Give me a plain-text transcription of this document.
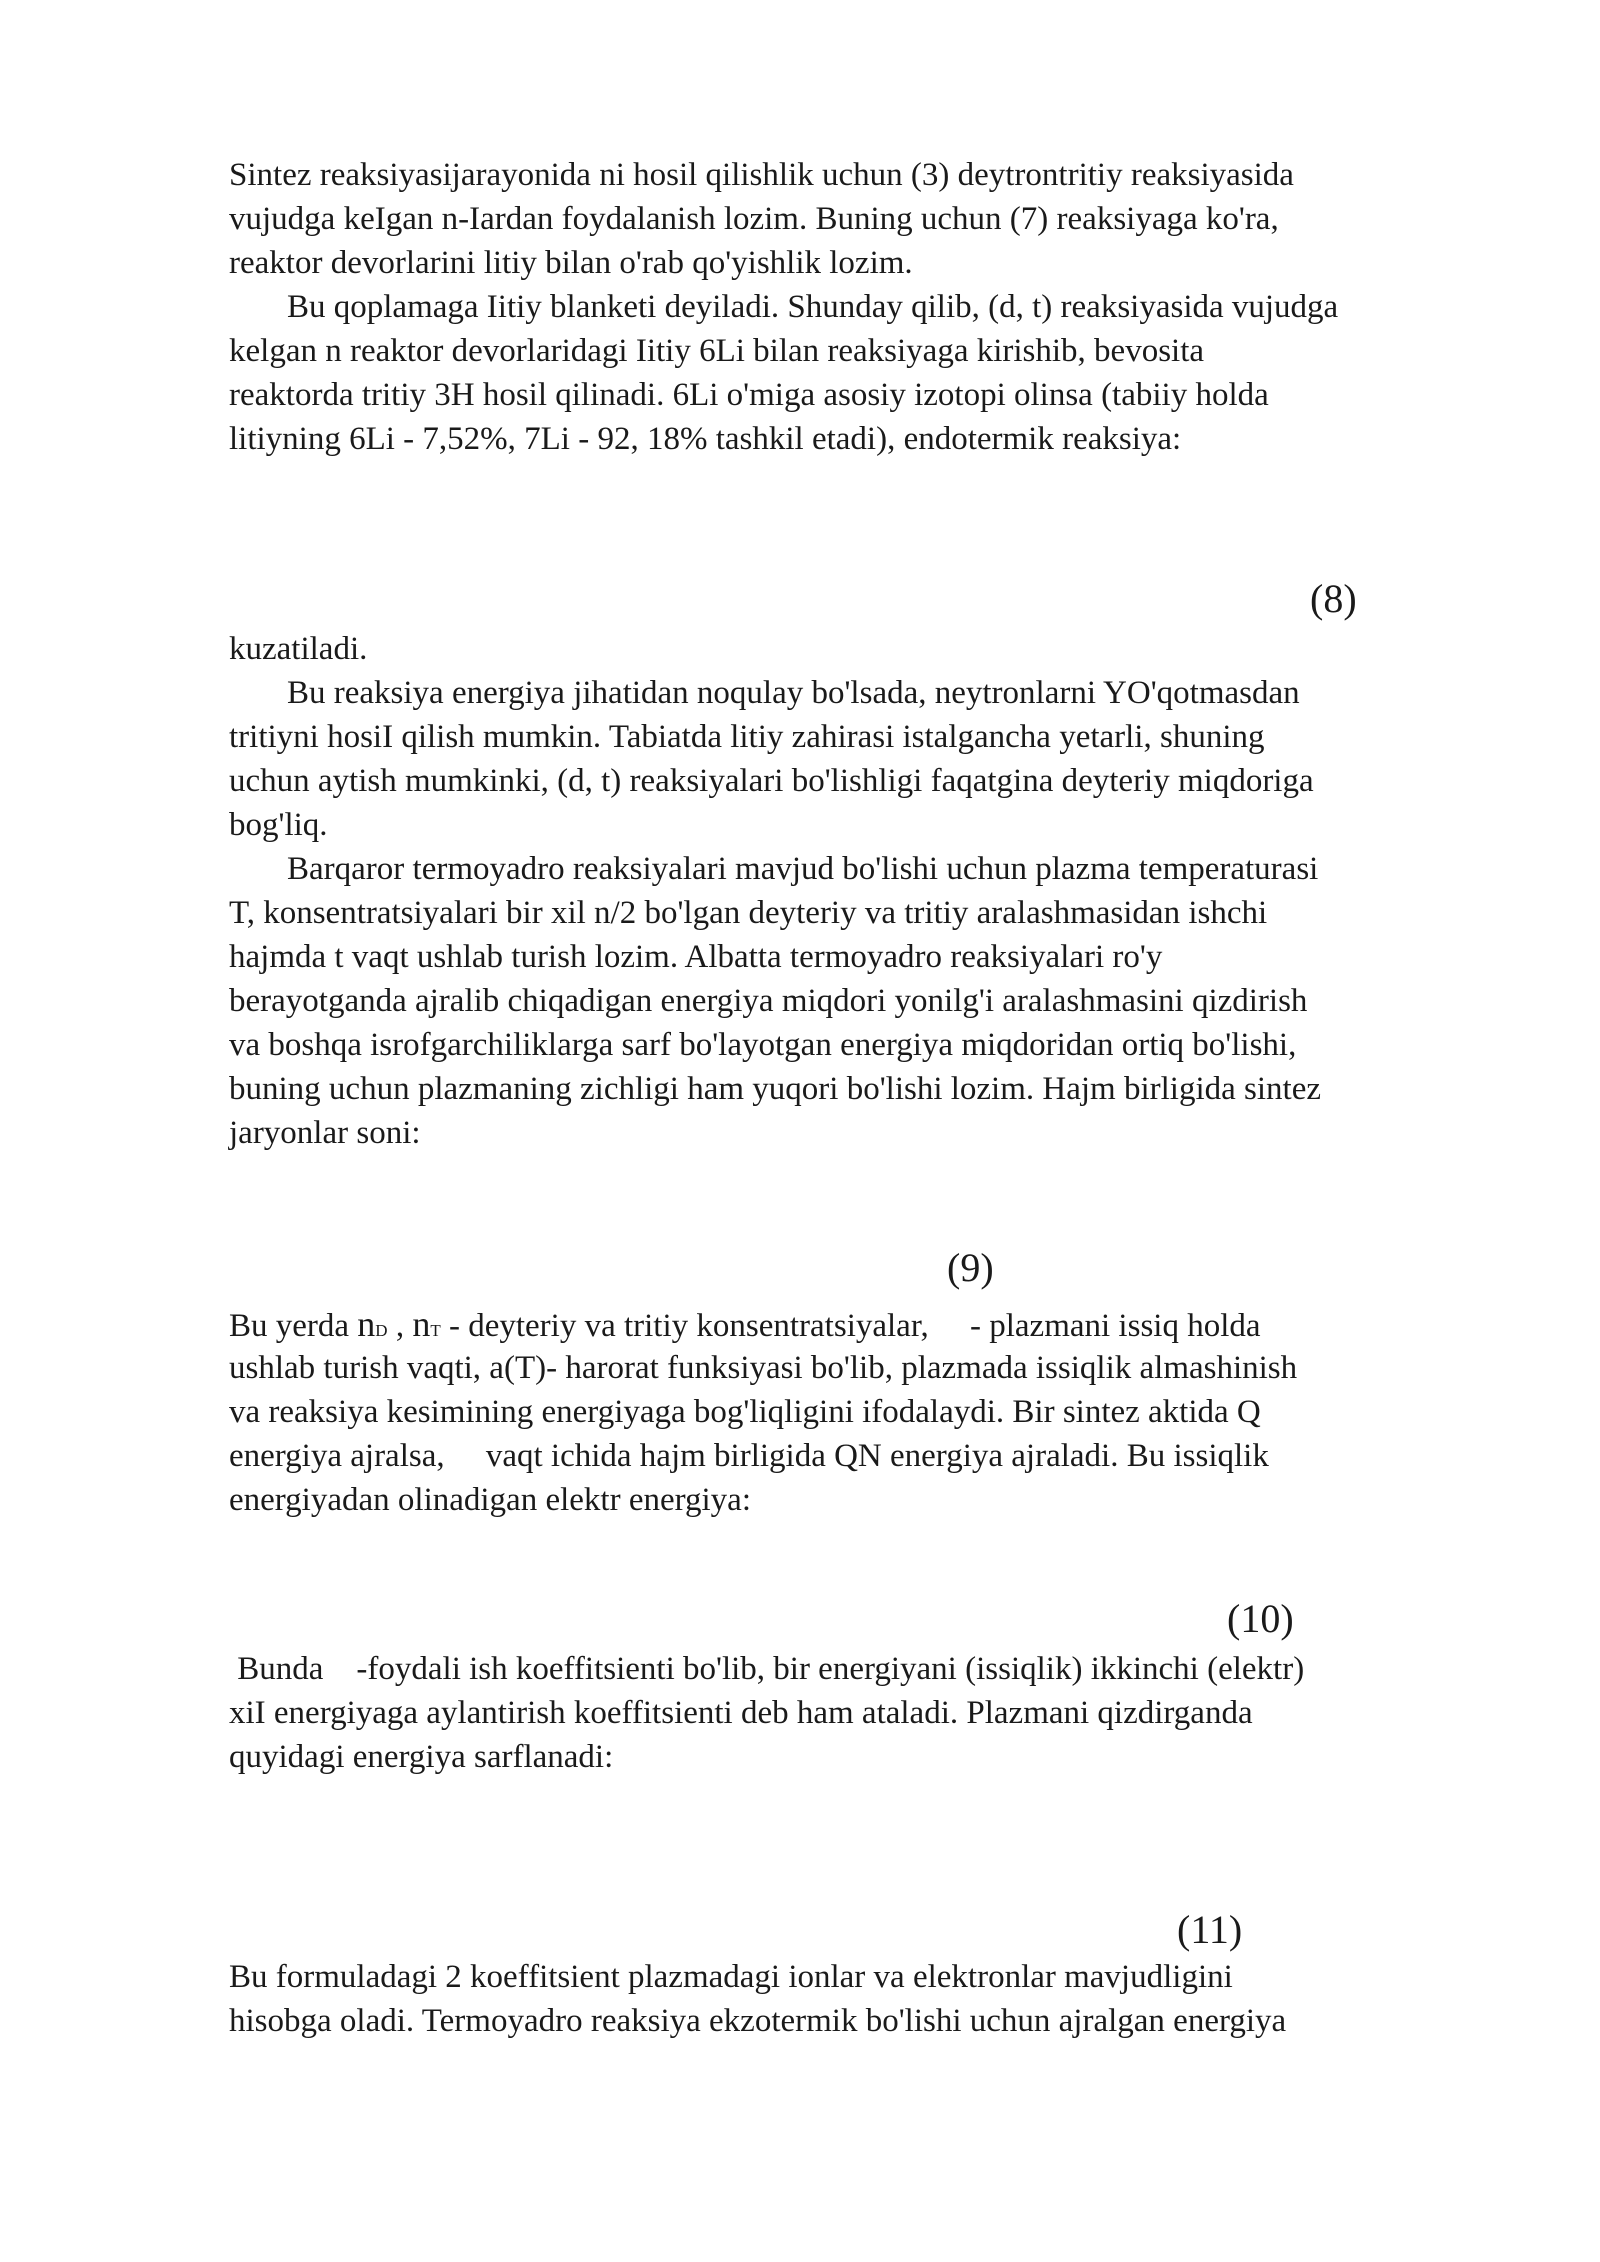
Sintez reaksiyasijarayonida ni hosil qilishlik uchun (3) deytrontritiy reaksiyasida
vujudga keIgan n-Iardan foydalanish lozim. Buning uchun (7) reaksiyaga ko'ra,
reaktor devorlarini litiy bilan o'rab qo'yishlik lozim.
Bu qoplamaga Iitiy blanketi deyiladi. Shunday qilib, (d, t) reaksiyasida vujudga
kelgan n reaktor devorlaridagi Iitiy 6Li bilan reaksiyaga kirishib, bevosita
reaktorda tritiy 3H hosil qilinadi. 6Li o'miga asosiy izotopi olinsa (tabiiy holda
litiyning 6Li - 7,52%, 7Li - 92, 18% tashkil etadi), endotermik reaksiya:
(8)
kuzatiladi.
Bu reaksiya energiya jihatidan noqulay bo'lsada, neytronlarni YO'qotmasdan
tritiyni hosiI qilish mumkin. Tabiatda litiy zahirasi istalgancha yetarli, shuning
uchun aytish mumkinki, (d, t) reaksiyalari bo'lishligi faqatgina deyteriy miqdoriga
bog'liq.
Barqaror termoyadro reaksiyalari mavjud bo'lishi uchun plazma temperaturasi
T, konsentratsiyalari bir xil n/2 bo'lgan deyteriy va tritiy aralashmasidan ishchi
hajmda t vaqt ushlab turish lozim. Albatta termoyadro reaksiyalari ro'y
berayotganda ajralib chiqadigan energiya miqdori yonilg'i aralashmasini qizdirish
va boshqa isrofgarchiliklarga sarf bo'layotgan energiya miqdoridan ortiq bo'lishi,
buning uchun plazmaning zichligi ham yuqori bo'lishi lozim. Hajm birligida sintez
jaryonlar soni:
(9)
Bu yerda nD , nT - deyteriy va tritiy konsentratsiyalar,     - plazmani issiq holda
ushlab turish vaqti, a(T)- harorat funksiyasi bo'lib, plazmada issiqlik almashinish
va reaksiya kesimining energiyaga bog'liqligini ifodalaydi. Bir sintez aktida Q
energiya ajralsa,     vaqt ichida hajm birligida QN energiya ajraladi. Bu issiqlik
energiyadan olinadigan elektr energiya:
(10)
Bunda    -foydali ish koeffitsienti bo'lib, bir energiyani (issiqlik) ikkinchi (elektr)
xiI energiyaga aylantirish koeffitsienti deb ham ataladi. Plazmani qizdirganda
quyidagi energiya sarflanadi:
(11)
Bu formuladagi 2 koeffitsient plazmadagi ionlar va elektronlar mavjudligini
hisobga oladi. Termoyadro reaksiya ekzotermik bo'lishi uchun ajralgan energiya
